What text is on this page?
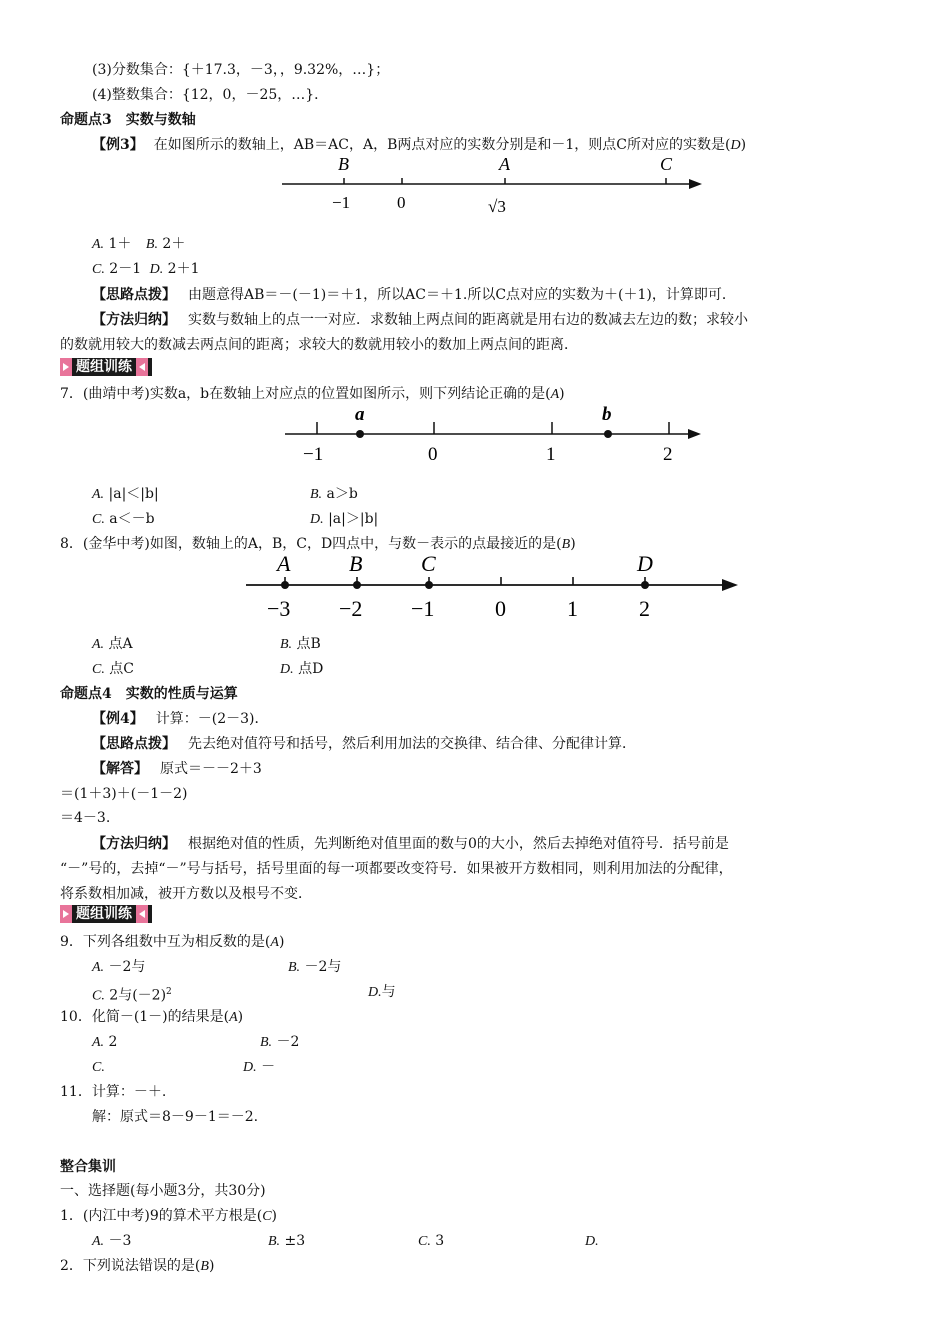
(3)分数集合：{＋17.3，－3，，9.32%，…}；
(4)整数集合：{12，0，－25，…}．
命题点3　实数与数轴
【例3】 在如图所示的数轴上，AB＝AC，A，B两点对应的实数分别是和－1，则点C所对应的实数是(D)
B	A	C
−1	0	√3
A. 1＋ B. 2＋
C. 2－1 D. 2＋1
【思路点拨】 由题意得AB＝－(－1)＝＋1，所以AC＝＋1.所以C点对应的实数为＋(＋1)，计算即可．
【方法归纳】 实数与数轴上的点一一对应．求数轴上两点间的距离就是用右边的数减去左边的数；求较小
的数就用较大的数减去两点间的距离；求较大的数就用较小的数加上两点间的距离．
题组训练
7．(曲靖中考)实数a，b在数轴上对应点的位置如图所示，则下列结论正确的是(A)
a	b
−1	0	1	2
A. |a|＜|b|	B. a＞b
C. a＜－b	D. |a|＞|b|
8．(金华中考)如图，数轴上的A，B，C，D四点中，与数－表示的点最接近的是(B)
A	B	C	D
−3 −2 −1	0	1	2
A. 点A	B. 点B
C. 点C	D. 点D
命题点4　实数的性质与运算
【例4】 计算：－(2－3)．
【思路点拨】 先去绝对值符号和括号，然后利用加法的交换律、结合律、分配律计算．
【解答】 原式＝－－2＋3
＝(1＋3)＋(－1－2)
＝4－3.
【方法归纳】 根据绝对值的性质，先判断绝对值里面的数与0的大小，然后去掉绝对值符号．括号前是
“－”号的，去掉“－”号与括号，括号里面的每一项都要改变符号．如果被开方数相同，则利用加法的分配律，
将系数相加减，被开方数以及根号不变．
题组训练
9．下列各组数中互为相反数的是(A)
A. －2与	B. －2与
C. 2与$(-2)^2$	D.与
10．化简－(1－)的结果是(A)
A. 2	B. －2
C.	D. －
11．计算：－＋.
解：原式＝8－9－1＝－2.
整合集训
一、选择题(每小题3分，共30分)
1．(内江中考)9的算术平方根是(C)
A. －3	B. ±3	C. 3	D.
2．下列说法错误的是(B)
